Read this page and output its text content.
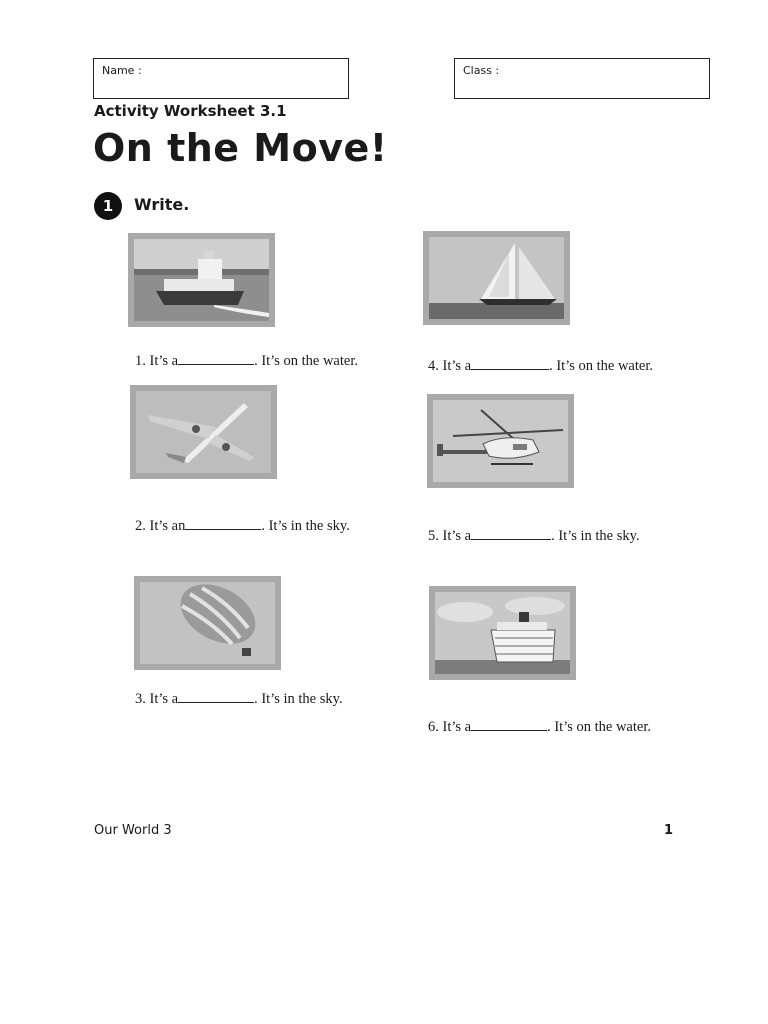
Name :	Class :
Activity Worksheet 3.1
On the Move!
1	Write.
1. It’s a	. It’s on the water.
2. It’s an	. It’s in the sky.
3. It’s a	. It’s in the sky.
4. It’s a	. It’s on the water.
5. It’s a	. It’s in the sky.
6. It’s a	. It’s on the water.
Our World 3	1
